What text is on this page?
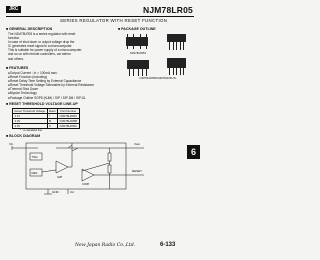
JRC	NJM78LR05
SERIES REGULATOR WITH RESET FUNCTION
■ GENERAL DESCRIPTION
The NJM78LR05 is a series regulator with reset
function.
In case of shut down or output voltage drop the
IC generates reset signal to a microcomputer.
This is suitable for power supply of a microcomputer
and so on with remote controllers, car stereo
and others.
■ PACKAGE OUTLINE
NJM78LR05S
NJM78LR05M/NJM78LR05L/SL
■ FEATURES
●Output Current : Io = 100mA max.
●Reset Function (including)
●Reset Delay Time Setting by External Capacitance
●Reset Threshold Voltage Selectable by External Resistance
●Thermal Shut Down
●Bipolar Technology
●Package Outline SOP8 (NJM) / SIP / SIP-5M / SIP-5L
■ RESET THRESHOLD VOLTAGE LINE-UP
Reset Threshold Voltage	Rank	Part Number
4.1V	*	NJM78LR05X
4.3V	B	NJM78LR05B
4.5V	C	NJM78LR05C
* : is standard line
■ BLOCK DIAGRAM
Vin	Vout
RESET
Cd
GND
TSD
REF
AMP
COMP
6
New Japan Radio Co.,Ltd.	6-133
